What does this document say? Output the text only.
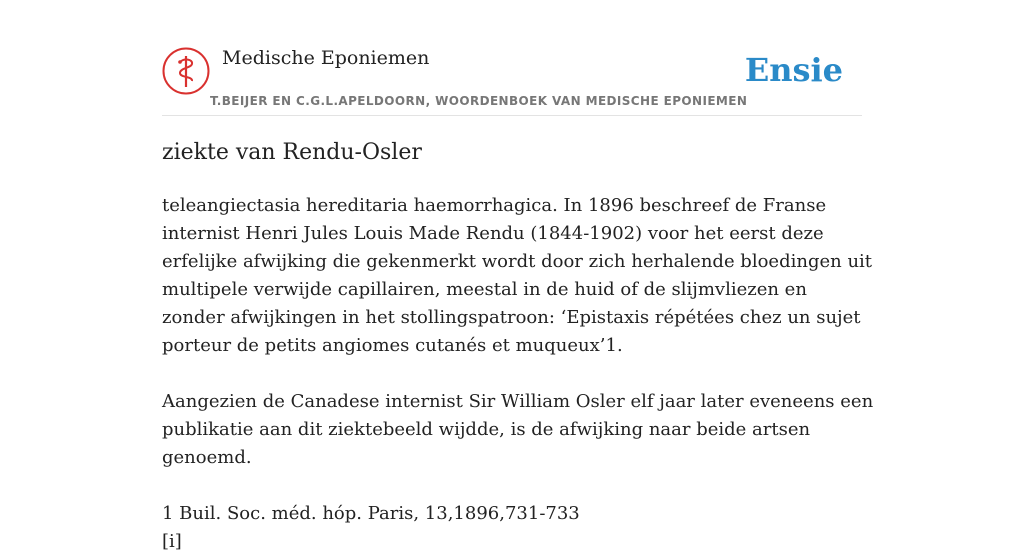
Medische Eponiemen
T.BEIJER EN C.G.L.APELDOORN, WOORDENBOEK VAN MEDISCHE EPONIEMEN
Ensie
ziekte van Rendu-Osler

teleangiectasia hereditaria haemorrhagica. In 1896 beschreef de Franse internist Henri Jules Louis Made Rendu (1844-1902) voor het eerst deze erfelijke afwijking die gekenmerkt wordt door zich herhalende bloedingen uit multipele verwijde capillairen, meestal in de huid of de slijmvliezen en zonder afwijkingen in het stollingspatroon: ‘Epistaxis répétées chez un sujet porteur de petits angiomes cutanés et muqueux’1.

Aangezien de Canadese internist Sir William Osler elf jaar later eveneens een publikatie aan dit ziektebeeld wijdde, is de afwijking naar beide artsen genoemd.

1 Buil. Soc. méd. hóp. Paris, 13,1896,731-733

[i]
